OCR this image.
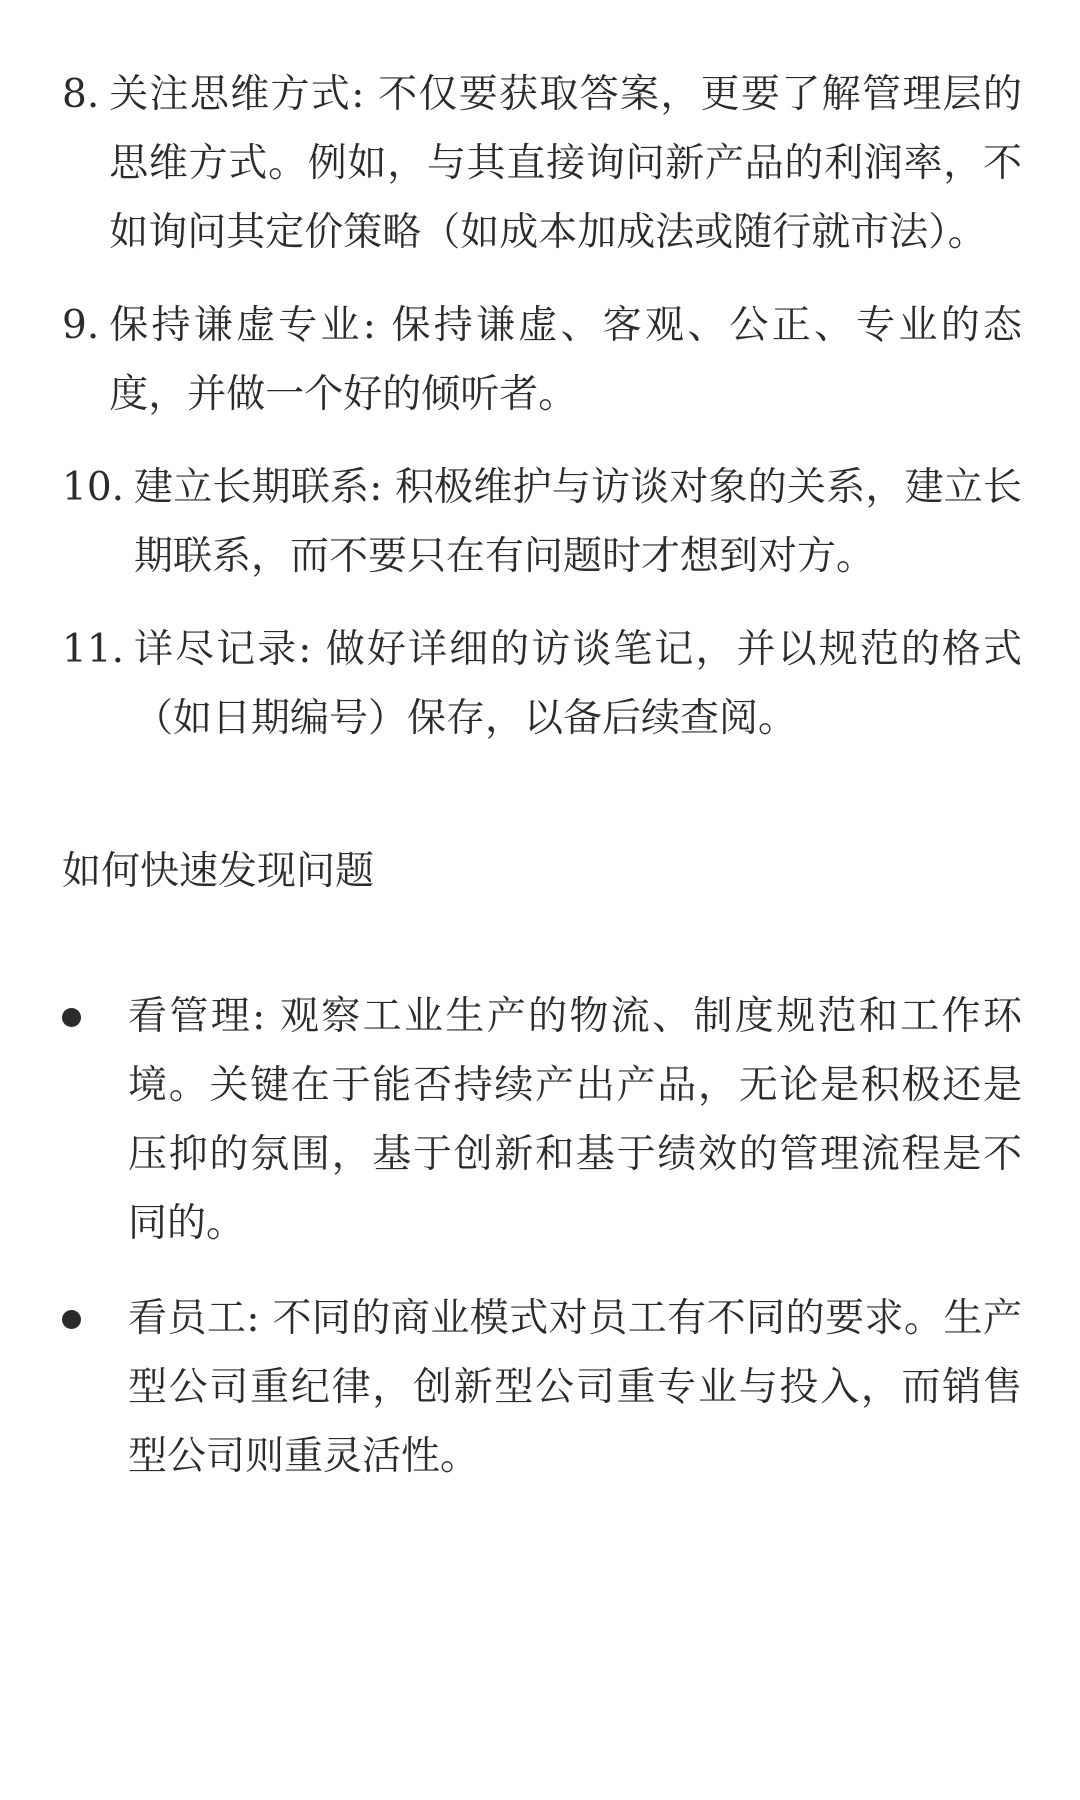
8. 关注思维方式: 不仅要获取答案，更要了解管理层的思维方式。例如，与其直接询问新产品的利润率，不如询问其定价策略（如成本加成法或随行就市法）。
9. 保持谦虚专业: 保持谦虚、客观、公正、专业的态度，并做一个好的倾听者。
10. 建立长期联系: 积极维护与访谈对象的关系，建立长期联系，而不要只在有问题时才想到对方。
11. 详尽记录: 做好详细的访谈笔记，并以规范的格式（如日期编号）保存，以备后续查阅。
如何快速发现问题
看管理: 观察工业生产的物流、制度规范和工作环境。关键在于能否持续产出产品，无论是积极还是压抑的氛围，基于创新和基于绩效的管理流程是不同的。
看员工: 不同的商业模式对员工有不同的要求。生产型公司重纪律，创新型公司重专业与投入，而销售型公司则重灵活性。
